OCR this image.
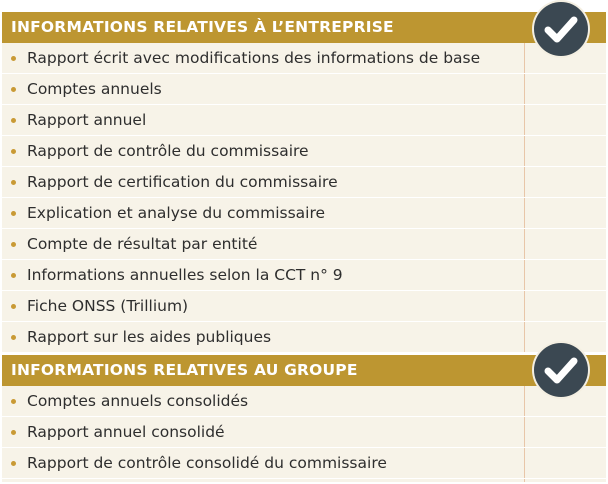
INFORMATIONS RELATIVES À L’ENTREPRISE
Rapport écrit avec modifications des informations de base
Comptes annuels
Rapport annuel
Rapport de contrôle du commissaire
Rapport de certification du commissaire
Explication et analyse du commissaire
Compte de résultat par entité
Informations annuelles selon la CCT n° 9
Fiche ONSS (Trillium)
Rapport sur les aides publiques
INFORMATIONS RELATIVES AU GROUPE
Comptes annuels consolidés
Rapport annuel consolidé
Rapport de contrôle consolidé du commissaire
